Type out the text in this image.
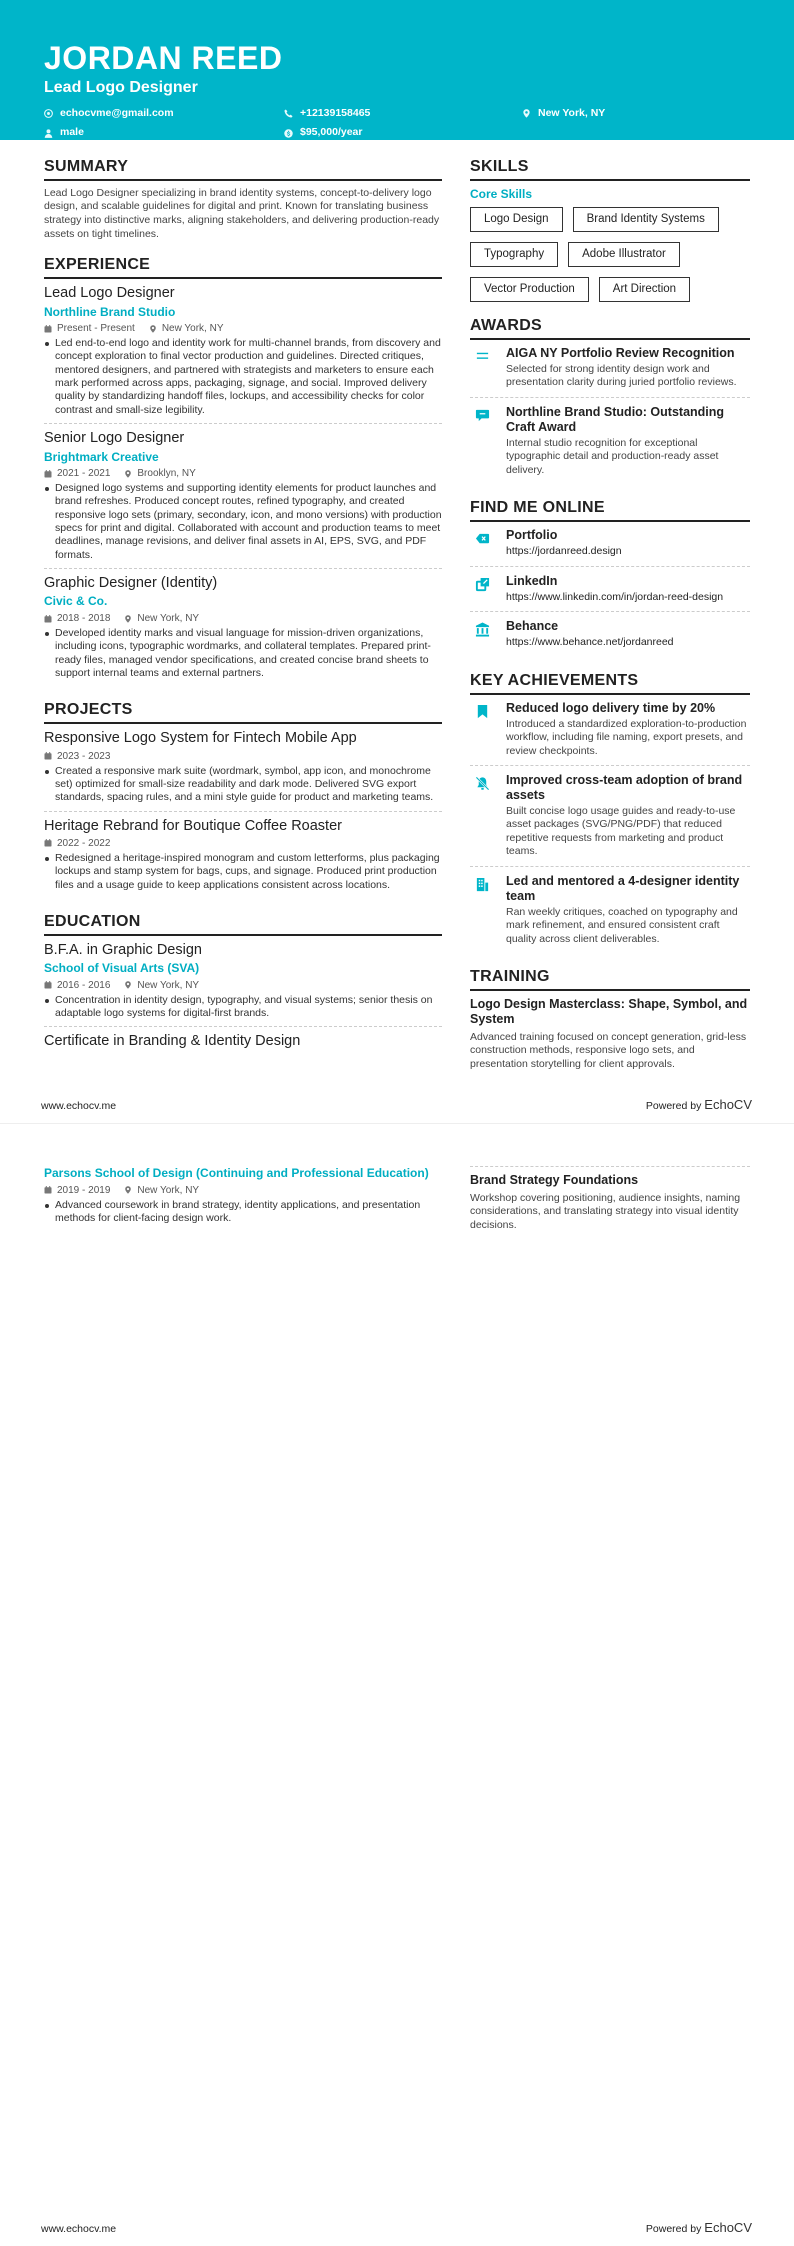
JORDAN REED
Lead Logo Designer
echocvme@gmail.com	+12139158465	New York, NY
male	$95,000/year
SUMMARY
Lead Logo Designer specializing in brand identity systems, concept-to-delivery logo design, and scalable guidelines for digital and print. Known for translating business strategy into distinctive marks, aligning stakeholders, and delivering production-ready assets on tight timelines.
EXPERIENCE
Lead Logo Designer
Northline Brand Studio
Present - Present	New York, NY
Led end-to-end logo and identity work for multi-channel brands, from discovery and concept exploration to final vector production and guidelines. Directed critiques, mentored designers, and partnered with strategists and marketers to ensure each mark performed across apps, packaging, signage, and social. Improved delivery quality by standardizing handoff files, lockups, and accessibility checks for color contrast and small-size legibility.
Senior Logo Designer
Brightmark Creative
2021 - 2021	Brooklyn, NY
Designed logo systems and supporting identity elements for product launches and brand refreshes. Produced concept routes, refined typography, and created responsive logo sets (primary, secondary, icon, and mono versions) with production specs for print and digital. Collaborated with account and production teams to meet deadlines, manage revisions, and deliver final assets in AI, EPS, SVG, and PDF formats.
Graphic Designer (Identity)
Civic & Co.
2018 - 2018	New York, NY
Developed identity marks and visual language for mission-driven organizations, including icons, typographic wordmarks, and collateral templates. Prepared print-ready files, managed vendor specifications, and created concise brand sheets to support internal teams and external partners.
PROJECTS
Responsive Logo System for Fintech Mobile App
2023 - 2023
Created a responsive mark suite (wordmark, symbol, app icon, and monochrome set) optimized for small-size readability and dark mode. Delivered SVG export standards, spacing rules, and a mini style guide for product and marketing teams.
Heritage Rebrand for Boutique Coffee Roaster
2022 - 2022
Redesigned a heritage-inspired monogram and custom letterforms, plus packaging lockups and stamp system for bags, cups, and signage. Produced print production files and a usage guide to keep applications consistent across locations.
EDUCATION
B.F.A. in Graphic Design
School of Visual Arts (SVA)
2016 - 2016	New York, NY
Concentration in identity design, typography, and visual systems; senior thesis on adaptable logo systems for digital-first brands.
Certificate in Branding & Identity Design
SKILLS
Core Skills
Logo Design	Brand Identity Systems
Typography	Adobe Illustrator
Vector Production	Art Direction
AWARDS
AIGA NY Portfolio Review Recognition
Selected for strong identity design work and presentation clarity during juried portfolio reviews.
Northline Brand Studio: Outstanding Craft Award
Internal studio recognition for exceptional typographic detail and production-ready asset delivery.
FIND ME ONLINE
Portfolio
https://jordanreed.design
LinkedIn
https://www.linkedin.com/in/jordan-reed-design
Behance
https://www.behance.net/jordanreed
KEY ACHIEVEMENTS
Reduced logo delivery time by 20%
Introduced a standardized exploration-to-production workflow, including file naming, export presets, and review checkpoints.
Improved cross-team adoption of brand assets
Built concise logo usage guides and ready-to-use asset packages (SVG/PNG/PDF) that reduced repetitive requests from marketing and product teams.
Led and mentored a 4-designer identity team
Ran weekly critiques, coached on typography and mark refinement, and ensured consistent craft quality across client deliverables.
TRAINING
Logo Design Masterclass: Shape, Symbol, and System
Advanced training focused on concept generation, grid-less construction methods, responsive logo sets, and presentation storytelling for client approvals.
www.echocv.me	Powered by EchoCV
Parsons School of Design (Continuing and Professional Education)
2019 - 2019	New York, NY
Advanced coursework in brand strategy, identity applications, and presentation methods for client-facing design work.
Brand Strategy Foundations
Workshop covering positioning, audience insights, naming considerations, and translating strategy into visual identity decisions.
www.echocv.me	Powered by EchoCV
